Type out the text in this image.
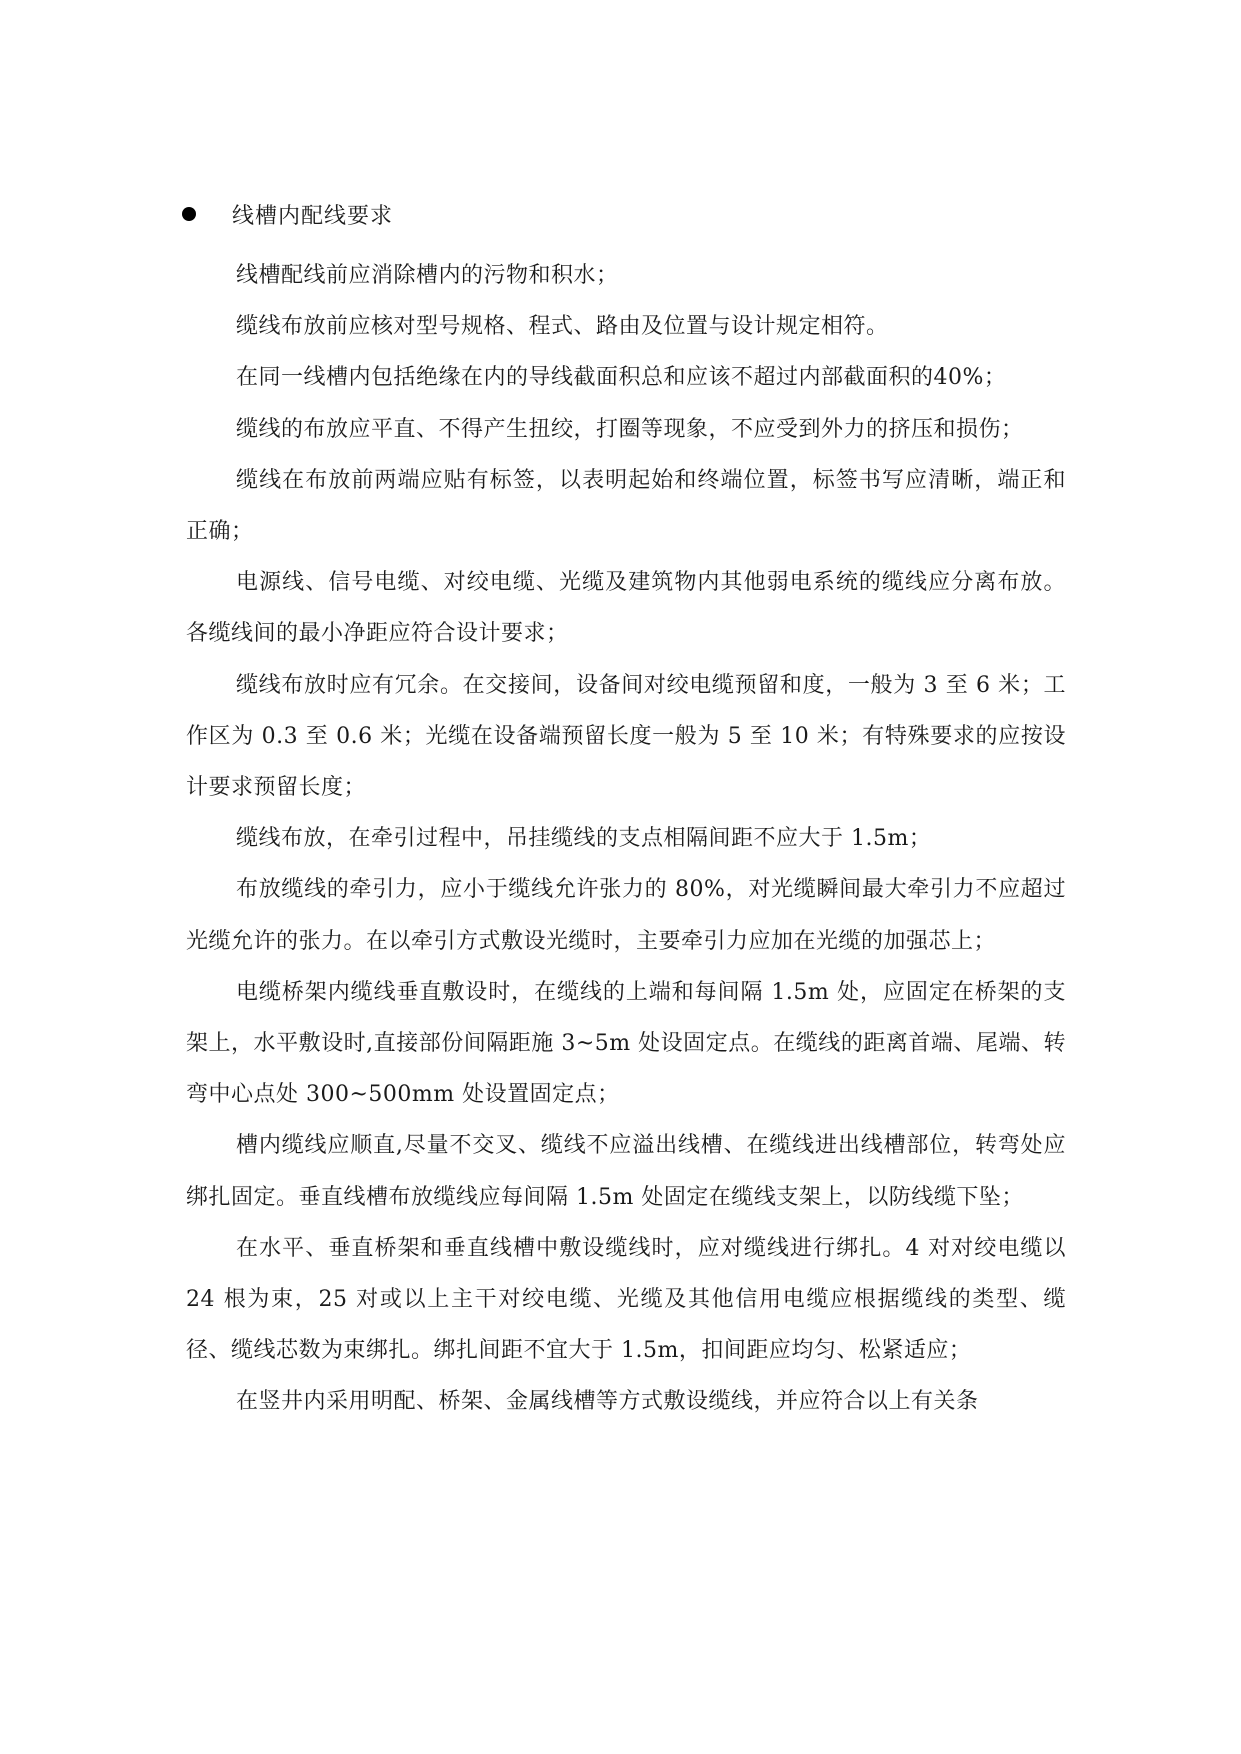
线槽内配线要求

线槽配线前应消除槽内的污物和积水；

缆线布放前应核对型号规格、程式、路由及位置与设计规定相符。

在同一线槽内包括绝缘在内的导线截面积总和应该不超过内部截面积的40%；

缆线的布放应平直、不得产生扭绞，打圈等现象，不应受到外力的挤压和损伤；

缆线在布放前两端应贴有标签，以表明起始和终端位置，标签书写应清晰，端正和正确；

电源线、信号电缆、对绞电缆、光缆及建筑物内其他弱电系统的缆线应分离布放。各缆线间的最小净距应符合设计要求；

缆线布放时应有冗余。在交接间，设备间对绞电缆预留和度，一般为 3 至 6 米；工作区为 0.3 至 0.6 米；光缆在设备端预留长度一般为 5 至 10 米；有特殊要求的应按设计要求预留长度；

缆线布放，在牵引过程中，吊挂缆线的支点相隔间距不应大于 1.5m；

布放缆线的牵引力，应小于缆线允许张力的 80%，对光缆瞬间最大牵引力不应超过光缆允许的张力。在以牵引方式敷设光缆时，主要牵引力应加在光缆的加强芯上；

电缆桥架内缆线垂直敷设时，在缆线的上端和每间隔 1.5m 处，应固定在桥架的支架上，水平敷设时,直接部份间隔距施 3~5m 处设固定点。在缆线的距离首端、尾端、转弯中心点处 300~500mm 处设置固定点；

槽内缆线应顺直,尽量不交叉、缆线不应溢出线槽、在缆线进出线槽部位，转弯处应绑扎固定。垂直线槽布放缆线应每间隔 1.5m 处固定在缆线支架上，以防线缆下坠；

在水平、垂直桥架和垂直线槽中敷设缆线时，应对缆线进行绑扎。4 对对绞电缆以 24 根为束，25 对或以上主干对绞电缆、光缆及其他信用电缆应根据缆线的类型、缆径、缆线芯数为束绑扎。绑扎间距不宜大于 1.5m，扣间距应均匀、松紧适应；

在竖井内采用明配、桥架、金属线槽等方式敷设缆线，并应符合以上有关条
